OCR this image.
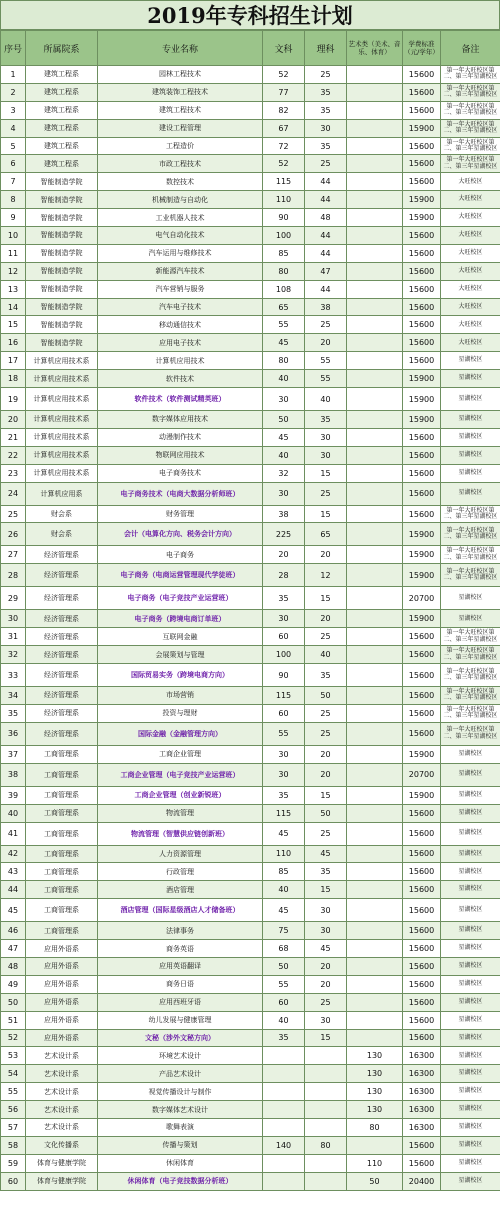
2019年专科招生计划
序号	所属院系	专业名称	文科	理科	艺术类（美术、音乐、体育）	学费标准（元/学年）	备注
1	建筑工程系	园林工程技术	52	25		15600	第一年大旺校区第二、第三年星湖校区
2	建筑工程系	建筑装饰工程技术	77	35		15600	第一年大旺校区第二、第三年星湖校区
3	建筑工程系	建筑工程技术	82	35		15600	第一年大旺校区第二、第三年星湖校区
4	建筑工程系	建设工程管理	67	30		15900	第一年大旺校区第二、第三年星湖校区
5	建筑工程系	工程造价	72	35		15600	第一年大旺校区第二、第三年星湖校区
6	建筑工程系	市政工程技术	52	25		15600	第一年大旺校区第二、第三年星湖校区
7	智能制造学院	数控技术	115	44		15600	大旺校区
8	智能制造学院	机械制造与自动化	110	44		15900	大旺校区
9	智能制造学院	工业机器人技术	90	48		15900	大旺校区
10	智能制造学院	电气自动化技术	100	44		15600	大旺校区
11	智能制造学院	汽车运用与维修技术	85	44		15600	大旺校区
12	智能制造学院	新能源汽车技术	80	47		15600	大旺校区
13	智能制造学院	汽车营销与服务	108	44		15600	大旺校区
14	智能制造学院	汽车电子技术	65	38		15600	大旺校区
15	智能制造学院	移动通信技术	55	25		15600	大旺校区
16	智能制造学院	应用电子技术	45	20		15600	大旺校区
17	计算机应用技术系	计算机应用技术	80	55		15600	星湖校区
18	计算机应用技术系	软件技术	40	55		15900	星湖校区
19	计算机应用技术系	软件技术（软件测试精英班）	30	40		15900	星湖校区
20	计算机应用技术系	数字媒体应用技术	50	35		15900	星湖校区
21	计算机应用技术系	动漫制作技术	45	30		15600	星湖校区
22	计算机应用技术系	物联网应用技术	40	30		15600	星湖校区
23	计算机应用技术系	电子商务技术	32	15		15600	星湖校区
24	计算机应用系	电子商务技术（电商大数据分析师班）	30	25		15600	星湖校区
25	财会系	财务管理	38	15		15600	第一年大旺校区第二、第三年星湖校区
26	财会系	会计（电算化方向、税务会计方向）	225	65		15900	第一年大旺校区第二、第三年星湖校区
27	经济管理系	电子商务	20	20		15900	第一年大旺校区第二、第三年星湖校区
28	经济管理系	电子商务（电商运营管理现代学徒班）	28	12		15900	第一年大旺校区第二、第三年星湖校区
29	经济管理系	电子商务（电子竞技产业运营班）	35	15		20700	星湖校区
30	经济管理系	电子商务（跨境电商订单班）	30	20		15900	星湖校区
31	经济管理系	互联网金融	60	25		15600	第一年大旺校区第二、第三年星湖校区
32	经济管理系	会展策划与管理	100	40		15600	第一年大旺校区第二、第三年星湖校区
33	经济管理系	国际贸易实务（跨境电商方向）	90	35		15600	第一年大旺校区第二、第三年星湖校区
34	经济管理系	市场营销	115	50		15600	第一年大旺校区第二、第三年星湖校区
35	经济管理系	投资与理财	60	25		15600	第一年大旺校区第二、第三年星湖校区
36	经济管理系	国际金融（金融管理方向）	55	25		15600	第一年大旺校区第二、第三年星湖校区
37	工商管理系	工商企业管理	30	20		15900	星湖校区
38	工商管理系	工商企业管理（电子竞技产业运营班）	30	20		20700	星湖校区
39	工商管理系	工商企业管理（创业新锐班）	35	15		15900	星湖校区
40	工商管理系	物流管理	115	50		15600	星湖校区
41	工商管理系	物流管理（智慧供应链创新班）	45	25		15600	星湖校区
42	工商管理系	人力资源管理	110	45		15600	星湖校区
43	工商管理系	行政管理	85	35		15600	星湖校区
44	工商管理系	酒店管理	40	15		15600	星湖校区
45	工商管理系	酒店管理（国际星级酒店人才储备班）	45	30		15600	星湖校区
46	工商管理系	法律事务	75	30		15600	星湖校区
47	应用外语系	商务英语	68	45		15600	星湖校区
48	应用外语系	应用英语翻译	50	20		15600	星湖校区
49	应用外语系	商务日语	55	20		15600	星湖校区
50	应用外语系	应用西班牙语	60	25		15600	星湖校区
51	应用外语系	幼儿发展与健康管理	40	30		15600	星湖校区
52	应用外语系	文秘（涉外文秘方向）	35	15		15600	星湖校区
53	艺术设计系	环境艺术设计			130	16300	星湖校区
54	艺术设计系	产品艺术设计			130	16300	星湖校区
55	艺术设计系	视觉传播设计与制作			130	16300	星湖校区
56	艺术设计系	数字媒体艺术设计			130	16300	星湖校区
57	艺术设计系	歌舞表演			80	16300	星湖校区
58	文化传播系	传播与策划	140	80		15600	星湖校区
59	体育与健康学院	休闲体育			110	15600	星湖校区
60	体育与健康学院	休闲体育（电子竞技数据分析班）			50	20400	星湖校区
